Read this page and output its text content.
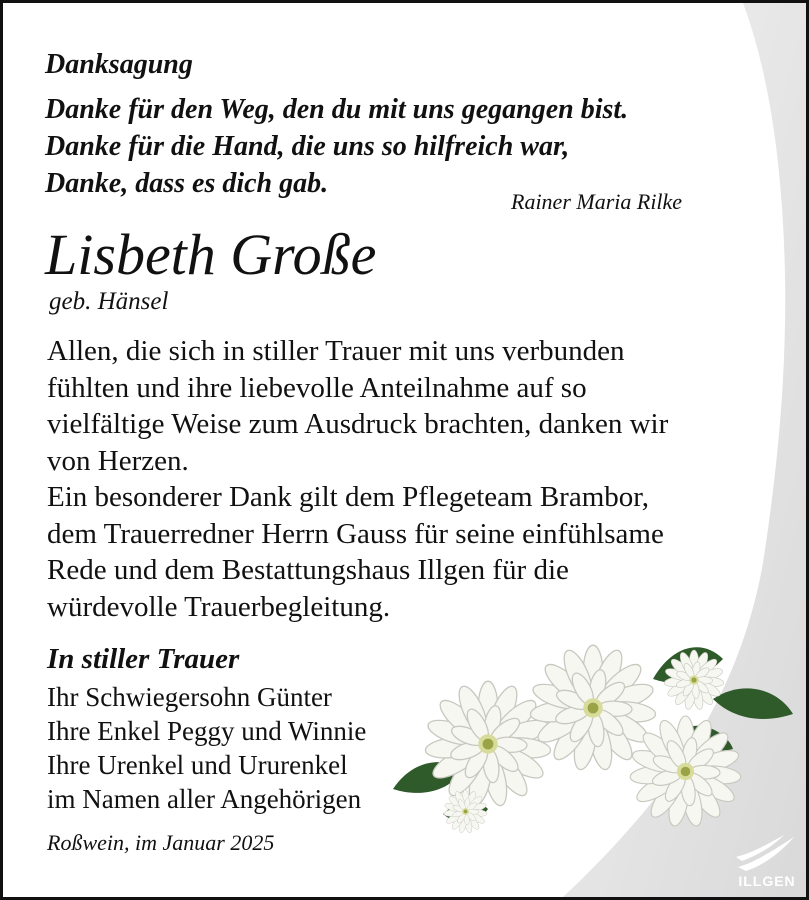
Danksagung

Danke für den Weg, den du mit uns gegangen bist.
Danke für die Hand, die uns so hilfreich war,
Danke, dass es dich gab.

Rainer Maria Rilke

Lisbeth Große

geb. Hänsel

Allen, die sich in stiller Trauer mit uns verbunden
fühlten und ihre liebevolle Anteilnahme auf so
vielfältige Weise zum Ausdruck brachten, danken wir
von Herzen.
Ein besonderer Dank gilt dem Pflegeteam Brambor,
dem Trauerredner Herrn Gauss für seine einfühlsame
Rede und dem Bestattungshaus Illgen für die
würdevolle Trauerbegleitung.

In stiller Trauer

Ihr Schwiegersohn Günter
Ihre Enkel Peggy und Winnie
Ihre Urenkel und Ururenkel
im Namen aller Angehörigen

Roßwein, im Januar 2025

ILLGEN
